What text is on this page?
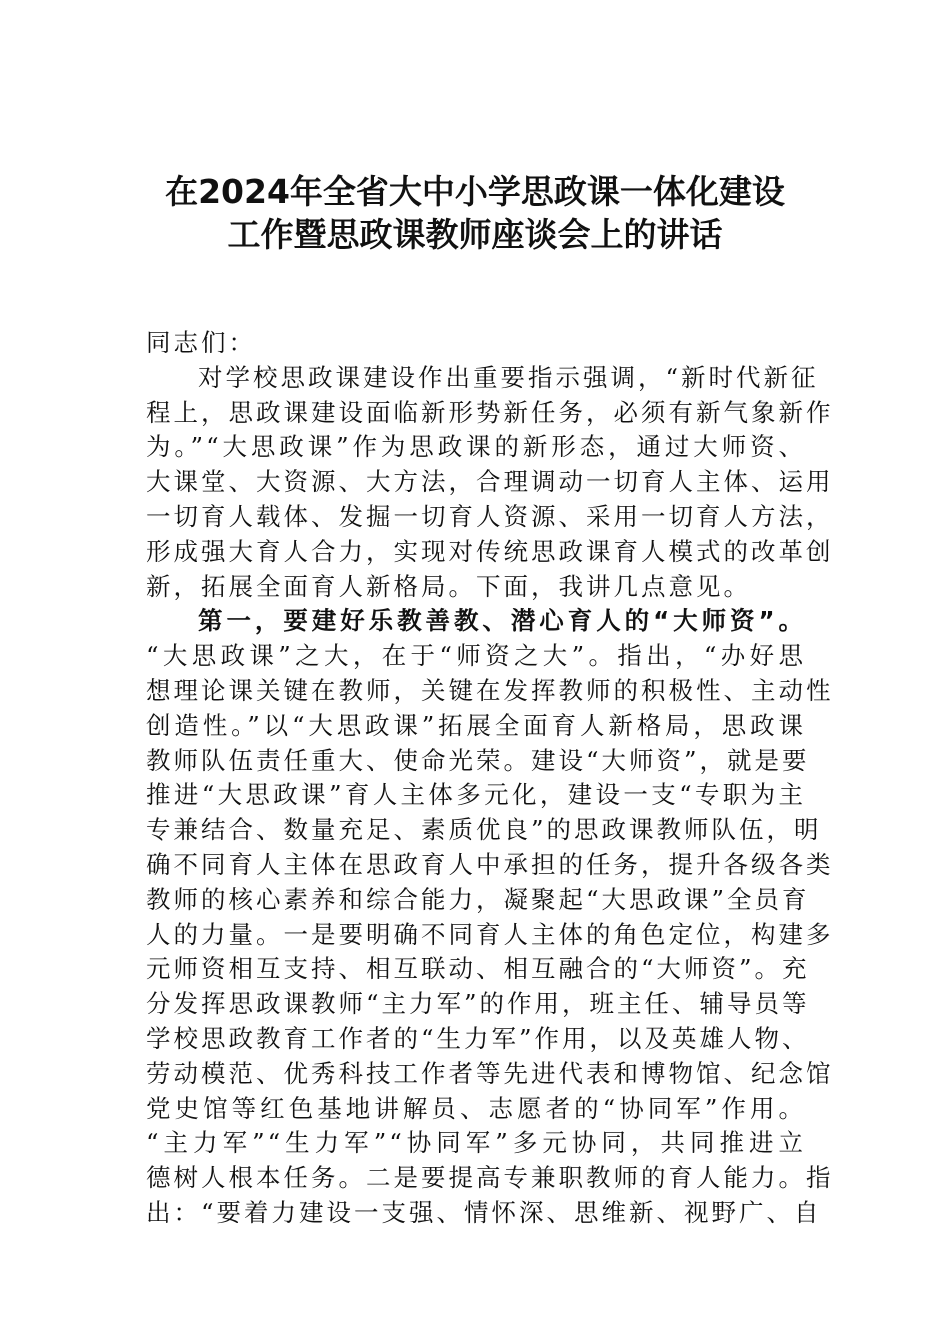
在2024年全省大中小学思政课一体化建设
工作暨思政课教师座谈会上的讲话
同志们：
对学校思政课建设作出重要指示强调，“新时代新征
程上，思政课建设面临新形势新任务，必须有新气象新作
为。”“大思政课”作为思政课的新形态，通过大师资、
大课堂、大资源、大方法，合理调动一切育人主体、运用
一切育人载体、发掘一切育人资源、采用一切育人方法，
形成强大育人合力，实现对传统思政课育人模式的改革创
新，拓展全面育人新格局。下面，我讲几点意见。
第一，要建好乐教善教、潜心育人的“大师资”。
“大思政课”之大，在于“师资之大”。指出，“办好思
想理论课关键在教师，关键在发挥教师的积极性、主动性
创造性。”以“大思政课”拓展全面育人新格局，思政课
教师队伍责任重大、使命光荣。建设“大师资”，就是要
推进“大思政课”育人主体多元化，建设一支“专职为主
专兼结合、数量充足、素质优良”的思政课教师队伍，明
确不同育人主体在思政育人中承担的任务，提升各级各类
教师的核心素养和综合能力，凝聚起“大思政课”全员育
人的力量。一是要明确不同育人主体的角色定位，构建多
元师资相互支持、相互联动、相互融合的“大师资”。充
分发挥思政课教师“主力军”的作用，班主任、辅导员等
学校思政教育工作者的“生力军”作用，以及英雄人物、
劳动模范、优秀科技工作者等先进代表和博物馆、纪念馆
党史馆等红色基地讲解员、志愿者的“协同军”作用。
“主力军”“生力军”“协同军”多元协同，共同推进立
德树人根本任务。二是要提高专兼职教师的育人能力。指
出：“要着力建设一支强、情怀深、思维新、视野广、自
